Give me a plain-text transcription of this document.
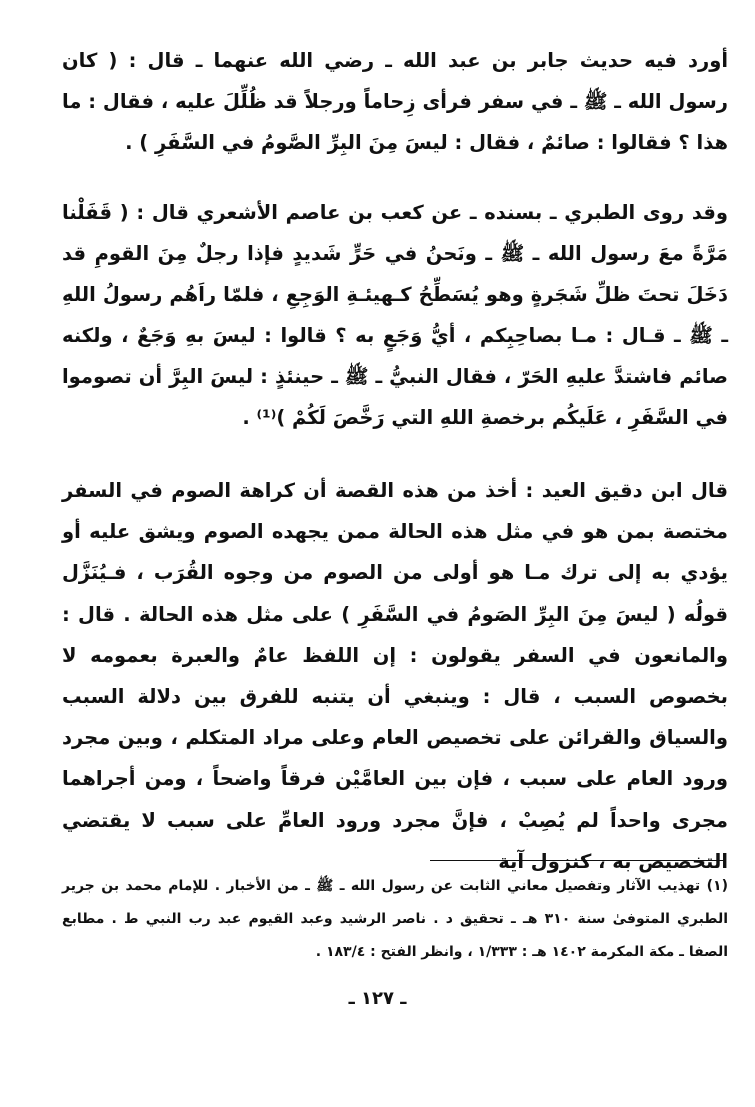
أورد فيه حديث جابر بن عبد الله ـ رضي الله عنهما ـ قال : ( كان رسول الله ـ ﷺ ـ في سفر فرأى زِحاماً ورجلاً قد ظُلِّلَ عليه ، فقال : ما هذا ؟ فقالوا : صائمٌ ، فقال : ليسَ مِنَ البِرِّ الصَّومُ في السَّفَرِ ) .

وقد روى الطبري ـ بسنده ـ عن كعب بن عاصم الأشعري قال : ( قَفَلْنا مَرَّةً معَ رسول الله ـ ﷺ ـ ونَحنُ في حَرٍّ شَديدٍ فإذا رجلٌ مِنَ القومِ قد دَخَلَ تحتَ ظلِّ شَجَرةٍ وهو يُسَطِّحُ كـهيئـةِ الوَجِعِ ، فلمّا راَهُم رسولُ اللهِ ـ ﷺ ـ قـال : مـا بصاحِبِكم ، أيُّ وَجَعٍ به ؟ قالوا : ليسَ بهِ وَجَعٌ ، ولكنه صائم فاشتدَّ عليهِ الحَرّ ، فقال النبيُّ ـ ﷺ ـ حينئذٍ : ليسَ البِرَّ أن تصوموا في السَّفَرِ ، عَلَيكُم برخصةِ اللهِ التي رَخَّصَ لَكُمْ )⁽¹⁾ .

قال ابن دقيق العيد : أخذ من هذه القصة أن كراهة الصوم في السفر مختصة بمن هو في مثل هذه الحالة ممن يجهده الصوم ويشق عليه أو يؤدي به إلى ترك مـا هو أولى من الصوم من وجوه القُرَب ، فـيُنَزَّل قولُه ( ليسَ مِنَ البِرِّ الصَومُ في السَّفَرِ ) على مثل هذه الحالة . قال : والمانعون في السفر يقولون : إن اللفظ عامٌ والعبرة بعمومه لا بخصوص السبب ، قال : وينبغي أن يتنبه للفرق بين دلالة السبب والسياق والقرائن على تخصيص العام وعلى مراد المتكلم ، وبين مجرد ورود العام على سبب ، فإن بين العامَّيْن فرقاً واضحاً ، ومن أجراهما مجرى واحداً لم يُصِبْ ، فإنَّ مجرد ورود العامِّ على سبب لا يقتضي التخصيص به ، كنزول آية

(١) تهذيب الآثار وتفصيل معاني الثابت عن رسول الله ـ ﷺ ـ من الأخبار . للإمام محمد بن جرير الطبري المتوفىٰ سنة ٣١٠ هـ ـ تحقيق د . ناصر الرشيد وعبد القيوم عبد رب النبي ط . مطابع الصفا ـ مكة المكرمة ١٤٠٢ هـ : ١/٣٣٣ ، وانظر الفتح : ١٨٣/٤ .

ـ ١٢٧ ـ
